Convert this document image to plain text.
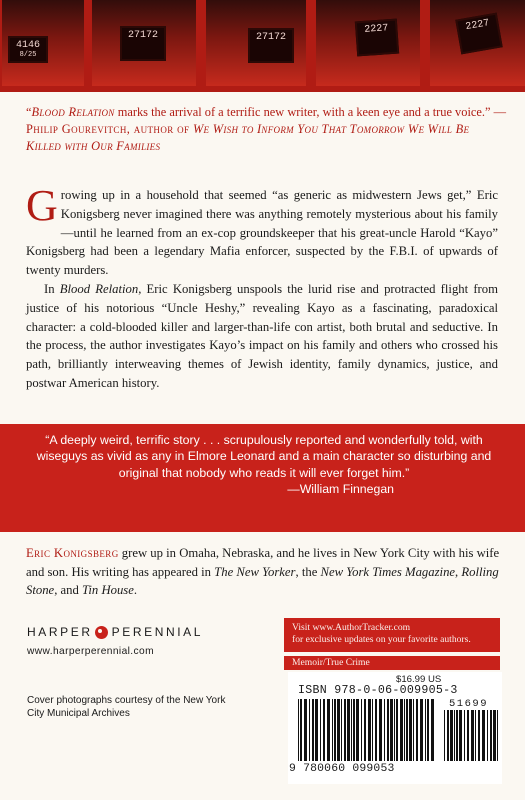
4146
8/25
27172

	27172

2227

	2227

“Blood Relation marks the arrival of a terrific new writer, with a keen eye and a true voice.” —Philip Gourevitch, author of We Wish to Inform You That Tomorrow We Will Be Killed with Our Families

Growing up in a household that seemed “as generic as midwestern Jews get,” Eric Konigsberg never imagined there was anything remotely mysterious about his family—until he learned from an ex-cop groundskeeper that his great-uncle Harold “Kayo” Konigsberg had been a legendary Mafia enforcer, suspected by the F.B.I. of upwards of twenty murders.

In Blood Relation, Eric Konigsberg unspools the lurid rise and protracted flight from justice of his notorious “Uncle Heshy,” revealing Kayo as a fascinating, paradoxical character: a cold-blooded killer and larger-than-life con artist, both brutal and seductive. In the process, the author investigates Kayo’s impact on his family and others who crossed his path, brilliantly interweaving themes of Jewish identity, family dynamics, justice, and postwar American history.

“A deeply weird, terrific story . . . scrupulously reported and wonderfully told, with wiseguys as vivid as any in Elmore Leonard and a main character so disturbing and original that nobody who reads it will ever forget him.”
—William Finnegan
Eric Konigsberg grew up in Omaha, Nebraska, and he lives in New York City with his wife and son. His writing has appeared in The New Yorker, the New York Times Magazine, Rolling Stone, and Tin House.
HARPER PERENNIAL
www.harperperennial.com
Cover photographs courtesy of the New York City Municipal Archives
Visit www.AuthorTracker.com
for exclusive updates on your favorite authors.
Memoir/True Crime
$16.99 US
ISBN 978-0-06-009905-3
51699
9 780060 099053
